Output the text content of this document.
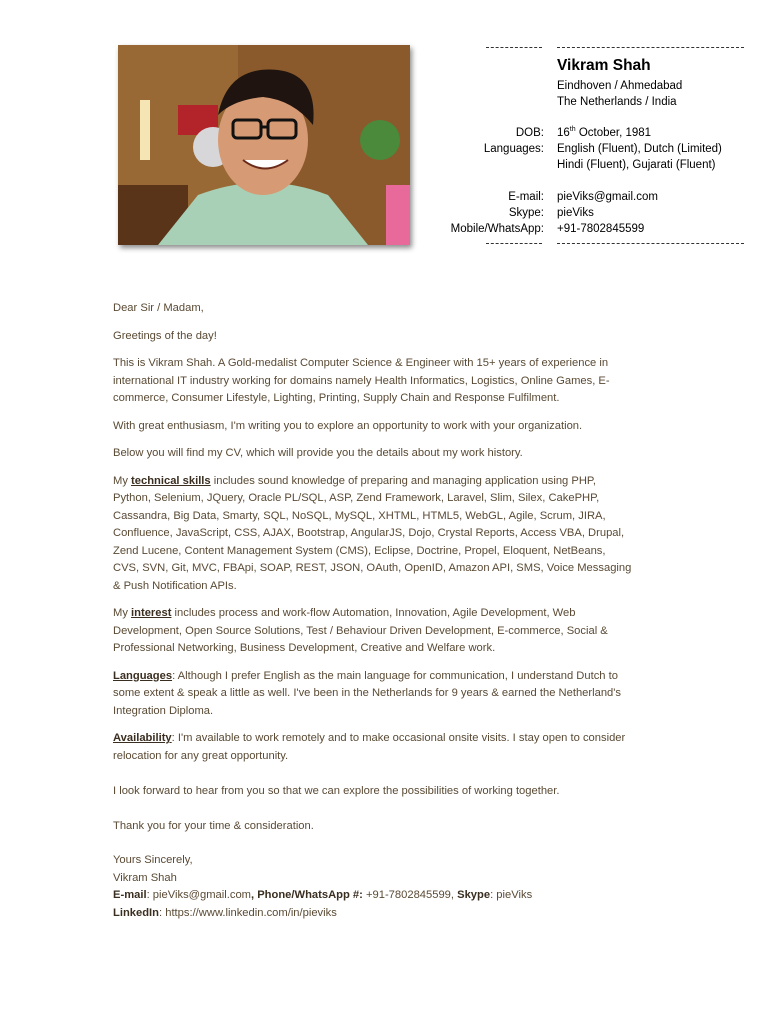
Vikram Shah
Eindhoven / Ahmedabad
The Netherlands / India
DOB: 16th October, 1981
Languages: English (Fluent), Dutch (Limited)
Hindi (Fluent), Gujarati (Fluent)
E-mail: pieViks@gmail.com
Skype: pieViks
Mobile/WhatsApp: +91-7802845599

Dear Sir / Madam,

Greetings of the day!

This is Vikram Shah. A Gold-medalist Computer Science & Engineer with 15+ years of experience in international IT industry working for domains namely Health Informatics, Logistics, Online Games, E-commerce, Consumer Lifestyle, Lighting, Printing, Supply Chain and Response Fulfilment.

With great enthusiasm, I'm writing you to explore an opportunity to work with your organization.

Below you will find my CV, which will provide you the details about my work history.

My technical skills includes sound knowledge of preparing and managing application using PHP, Python, Selenium, JQuery, Oracle PL/SQL, ASP, Zend Framework, Laravel, Slim, Silex, CakePHP, Cassandra, Big Data, Smarty, SQL, NoSQL, MySQL, XHTML, HTML5, WebGL, Agile, Scrum, JIRA, Confluence, JavaScript, CSS, AJAX, Bootstrap, AngularJS, Dojo, Crystal Reports, Access VBA, Drupal, Zend Lucene, Content Management System (CMS), Eclipse, Doctrine, Propel, Eloquent, NetBeans, CVS, SVN, Git, MVC, FBApi, SOAP, REST, JSON, OAuth, OpenID, Amazon API, SMS, Voice Messaging & Push Notification APIs.

My interest includes process and work-flow Automation, Innovation, Agile Development, Web Development, Open Source Solutions, Test / Behaviour Driven Development, E-commerce, Social & Professional Networking, Business Development, Creative and Welfare work.

Languages: Although I prefer English as the main language for communication, I understand Dutch to some extent & speak a little as well. I've been in the Netherlands for 9 years & earned the Netherland's Integration Diploma.

Availability: I'm available to work remotely and to make occasional onsite visits. I stay open to consider relocation for any great opportunity.

I look forward to hear from you so that we can explore the possibilities of working together.

Thank you for your time & consideration.

Yours Sincerely,
Vikram Shah
E-mail: pieViks@gmail.com, Phone/WhatsApp #: +91-7802845599, Skype: pieViks
LinkedIn: https://www.linkedin.com/in/pieviks
